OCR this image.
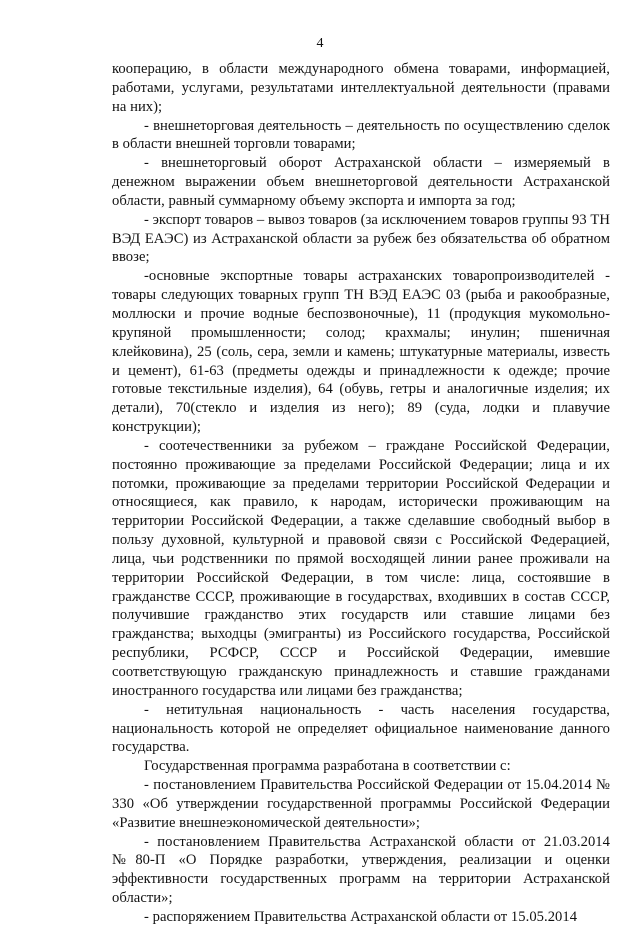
4

кооперацию, в области международного обмена товарами, информацией, работами, услугами, результатами интеллектуальной деятельности (правами на них);

- внешнеторговая деятельность – деятельность по осуществлению сделок в области внешней торговли товарами;

- внешнеторговый оборот Астраханской области – измеряемый в денежном выражении объем внешнеторговой деятельности Астраханской области, равный суммарному объему экспорта и импорта за год;

- экспорт товаров – вывоз товаров (за исключением товаров группы 93 ТН ВЭД ЕАЭС) из Астраханской области за рубеж без обязательства об обратном ввозе;

-основные экспортные товары астраханских товаропроизводителей - товары следующих товарных групп ТН ВЭД ЕАЭС 03 (рыба и ракообразные, моллюски и прочие водные беспозвоночные), 11 (продукция мукомольно-крупяной промышленности; солод; крахмалы; инулин; пшеничная клейковина), 25 (соль, сера, земли и камень; штукатурные материалы, известь и цемент), 61-63 (предметы одежды и принадлежности к одежде; прочие готовые текстильные изделия), 64 (обувь, гетры и аналогичные изделия; их детали), 70(стекло и изделия из него); 89 (суда, лодки и плавучие конструкции);

- соотечественники за рубежом – граждане Российской Федерации, постоянно проживающие за пределами Российской Федерации; лица и их потомки, проживающие за пределами территории Российской Федерации и относящиеся, как правило, к народам, исторически проживающим на территории Российской Федерации, а также сделавшие свободный выбор в пользу духовной, культурной и правовой связи с Российской Федерацией, лица, чьи родственники по прямой восходящей линии ранее проживали на территории Российской Федерации, в том числе: лица, состоявшие в гражданстве СССР, проживающие в государствах, входивших в состав СССР, получившие гражданство этих государств или ставшие лицами без гражданства; выходцы (эмигранты) из Российского государства, Российской республики, РСФСР, СССР и Российской Федерации, имевшие соответствующую гражданскую принадлежность и ставшие гражданами иностранного государства или лицами без гражданства;

- нетитульная национальность - часть населения государства, национальность которой не определяет официальное наименование данного государства.

Государственная программа разработана в соответствии с:

- постановлением Правительства Российской Федерации от 15.04.2014 № 330 «Об утверждении государственной программы Российской Федерации «Развитие внешнеэкономической деятельности»;

- постановлением Правительства Астраханской области от 21.03.2014 №80-П «О Порядке разработки, утверждения, реализации и оценки эффективности государственных программ на территории Астраханской области»;

- распоряжением Правительства Астраханской области от 15.05.2014
